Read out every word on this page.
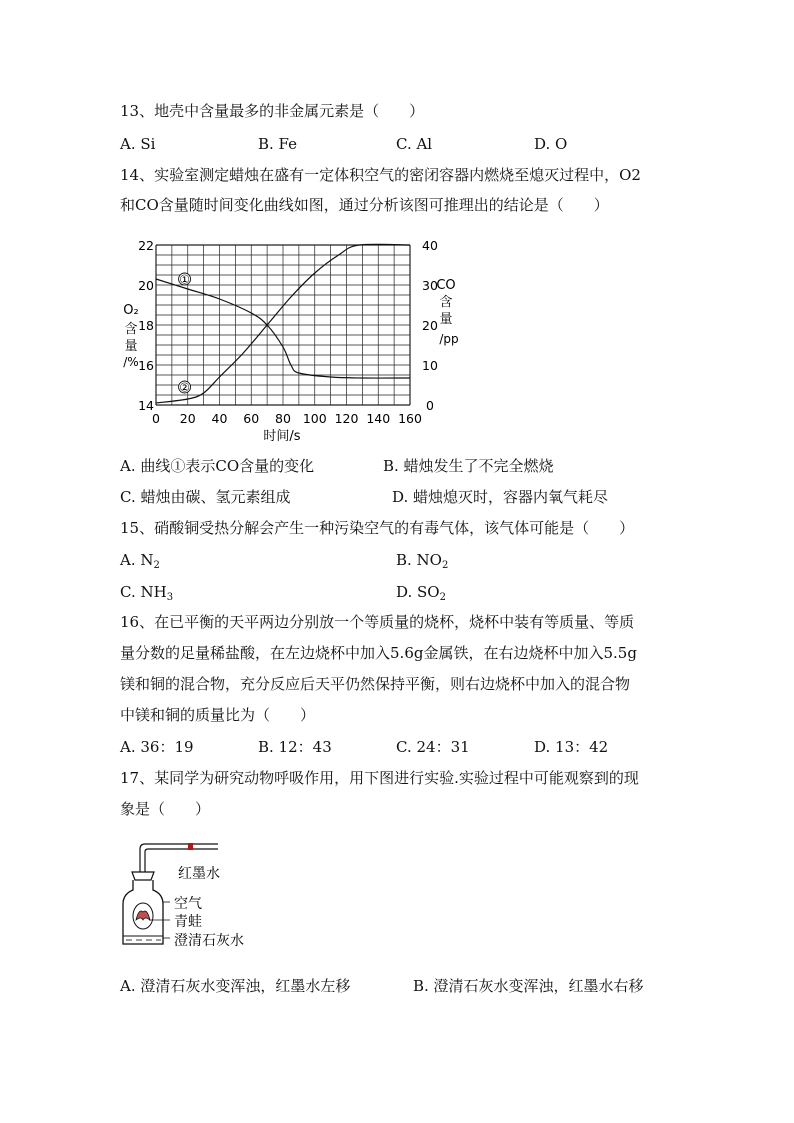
13、地壳中含量最多的非金属元素是（　　）
A. Si	B. Fe	C. Al	D. O
14、实验室测定蜡烛在盛有一定体积空气的密闭容器内燃烧至熄灭过程中，O2
和CO含量随时间变化曲线如图，通过分析该图可推理出的结论是（　　）
14
16
18
20
22
0
10
20
30
40
0 20 40 60 80 100 120 140 160
时间/s
O₂
含
量
/%
CO
含
量
/pp
①
②
A. 曲线①表示CO含量的变化	B. 蜡烛发生了不完全燃烧
C. 蜡烛由碳、氢元素组成	D. 蜡烛熄灭时，容器内氧气耗尽
15、硝酸铜受热分解会产生一种污染空气的有毒气体，该气体可能是（　　）
A. $N_2$	B. $NO_2$
C. $NH_3$	D. $SO_2$
16、在已平衡的天平两边分别放一个等质量的烧杯，烧杯中装有等质量、等质
量分数的足量稀盐酸，在左边烧杯中加入5.6g金属铁，在右边烧杯中加入5.5g
镁和铜的混合物，充分反应后天平仍然保持平衡，则右边烧杯中加入的混合物
中镁和铜的质量比为（　　）
A. 36：19	B. 12：43	C. 24：31	D. 13：42
17、某同学为研究动物呼吸作用，用下图进行实验.实验过程中可能观察到的现
象是（　　）
红墨水
空气
青蛙
澄清石灰水
A. 澄清石灰水变浑浊，红墨水左移	B. 澄清石灰水变浑浊，红墨水右移
